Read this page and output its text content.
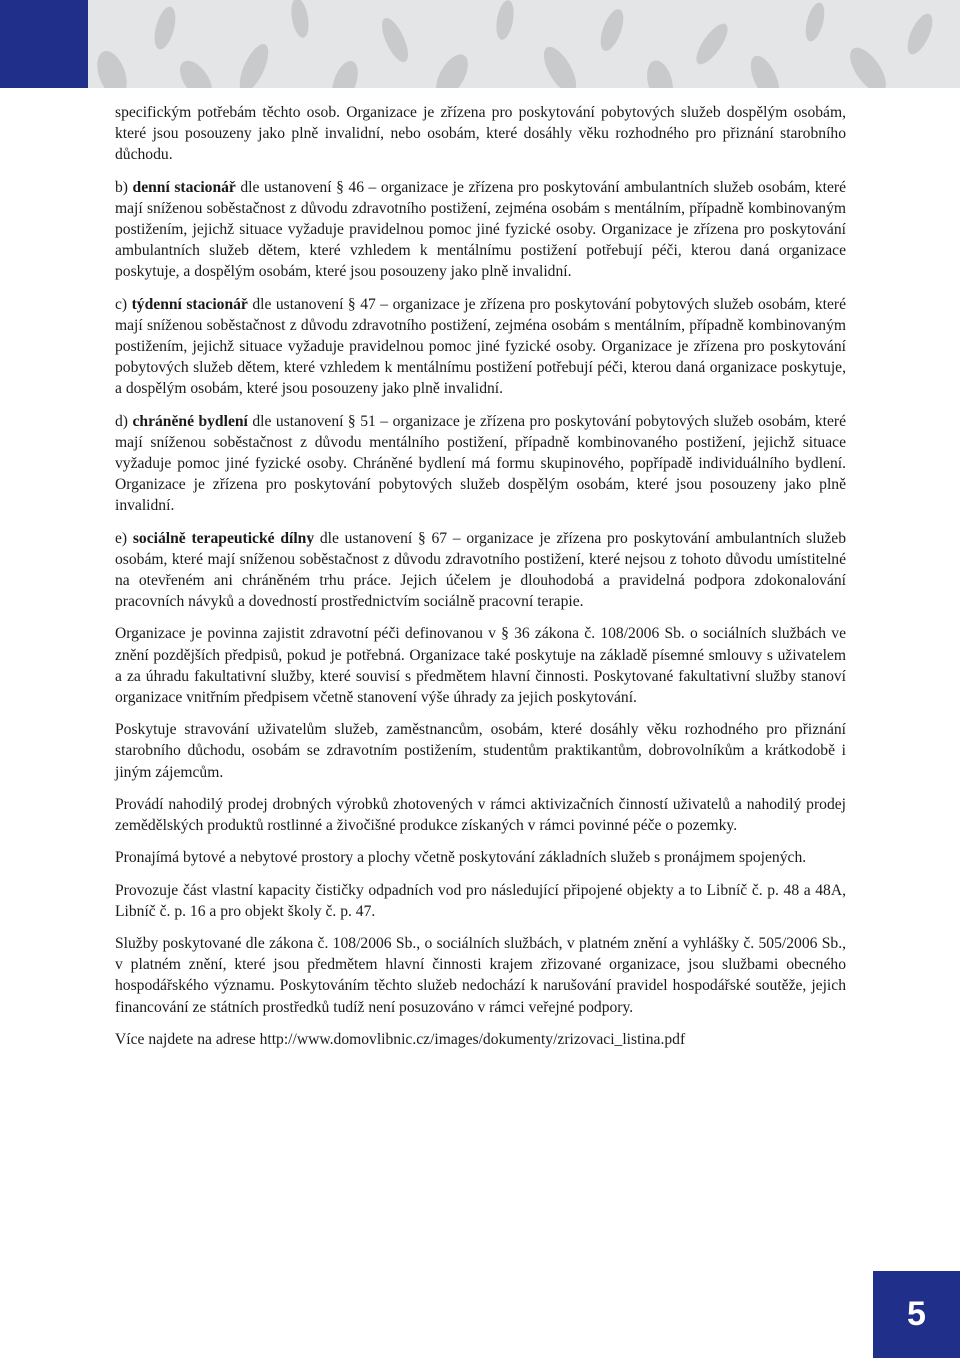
specifickým potřebám těchto osob. Organizace je zřízena pro poskytování pobytových služeb dospělým osobám, které jsou posouzeny jako plně invalidní, nebo osobám, které dosáhly věku rozhodného pro přiznání starobního důchodu.

b) denní stacionář dle ustanovení § 46 – organizace je zřízena pro poskytování ambulantních služeb osobám, které mají sníženou soběstačnost z důvodu zdravotního postižení, zejména osobám s mentálním, případně kombinovaným postižením, jejichž situace vyžaduje pravidelnou pomoc jiné fyzické osoby. Organizace je zřízena pro poskytování ambulantních služeb dětem, které vzhledem k mentálnímu postižení potřebují péči, kterou daná organizace poskytuje, a dospělým osobám, které jsou posouzeny jako plně invalidní.

c) týdenní stacionář dle ustanovení § 47 – organizace je zřízena pro poskytování pobytových služeb osobám, které mají sníženou soběstačnost z důvodu zdravotního postižení, zejména osobám s mentálním, případně kombinovaným postižením, jejichž situace vyžaduje pravidelnou pomoc jiné fyzické osoby. Organizace je zřízena pro poskytování pobytových služeb dětem, které vzhledem k mentálnímu postižení potřebují péči, kterou daná organizace poskytuje, a dospělým osobám, které jsou posouzeny jako plně invalidní.

d) chráněné bydlení dle ustanovení § 51 – organizace je zřízena pro poskytování pobytových služeb osobám, které mají sníženou soběstačnost z důvodu mentálního postižení, případně kombinovaného postižení, jejichž situace vyžaduje pomoc jiné fyzické osoby. Chráněné bydlení má formu skupinového, popřípadě individuálního bydlení. Organizace je zřízena pro poskytování pobytových služeb dospělým osobám, které jsou posouzeny jako plně invalidní.

e) sociálně terapeutické dílny dle ustanovení § 67 – organizace je zřízena pro poskytování ambulantních služeb osobám, které mají sníženou soběstačnost z důvodu zdravotního postižení, které nejsou z tohoto důvodu umístitelné na otevřeném ani chráněném trhu práce. Jejich účelem je dlouhodobá a pravidelná podpora zdokonalování pracovních návyků a dovedností prostřednictvím sociálně pracovní terapie.

Organizace je povinna zajistit zdravotní péči definovanou v § 36 zákona č. 108/2006 Sb. o sociálních službách ve znění pozdějších předpisů, pokud je potřebná. Organizace také poskytuje na základě písemné smlouvy s uživatelem a za úhradu fakultativní služby, které souvisí s předmětem hlavní činnosti. Poskytované fakultativní služby stanoví organizace vnitřním předpisem včetně stanovení výše úhrady za jejich poskytování.

Poskytuje stravování uživatelům služeb, zaměstnancům, osobám, které dosáhly věku rozhodného pro přiznání starobního důchodu, osobám se zdravotním postižením, studentům praktikantům, dobrovolníkům a krátkodobě i jiným zájemcům.

Provádí nahodilý prodej drobných výrobků zhotovených v rámci aktivizačních činností uživatelů a nahodilý prodej zemědělských produktů rostlinné a živočišné produkce získaných v rámci povinné péče o pozemky.

Pronajímá bytové a nebytové prostory a plochy včetně poskytování základních služeb s pronájmem spojených.

Provozuje část vlastní kapacity čističky odpadních vod pro následující připojené objekty a to Libníč č. p. 48 a 48A, Libníč č. p. 16 a pro objekt školy č. p. 47.

Služby poskytované dle zákona č. 108/2006 Sb., o sociálních službách, v platném znění a vyhlášky č. 505/2006 Sb., v platném znění, které jsou předmětem hlavní činnosti krajem zřizované organizace, jsou službami obecného hospodářského významu. Poskytováním těchto služeb nedochází k narušování pravidel hospodářské soutěže, jejich financování ze státních prostředků tudíž není posuzováno v rámci veřejné podpory.

Více najdete na adrese http://www.domovlibnic.cz/images/dokumenty/zrizovaci_listina.pdf

5
